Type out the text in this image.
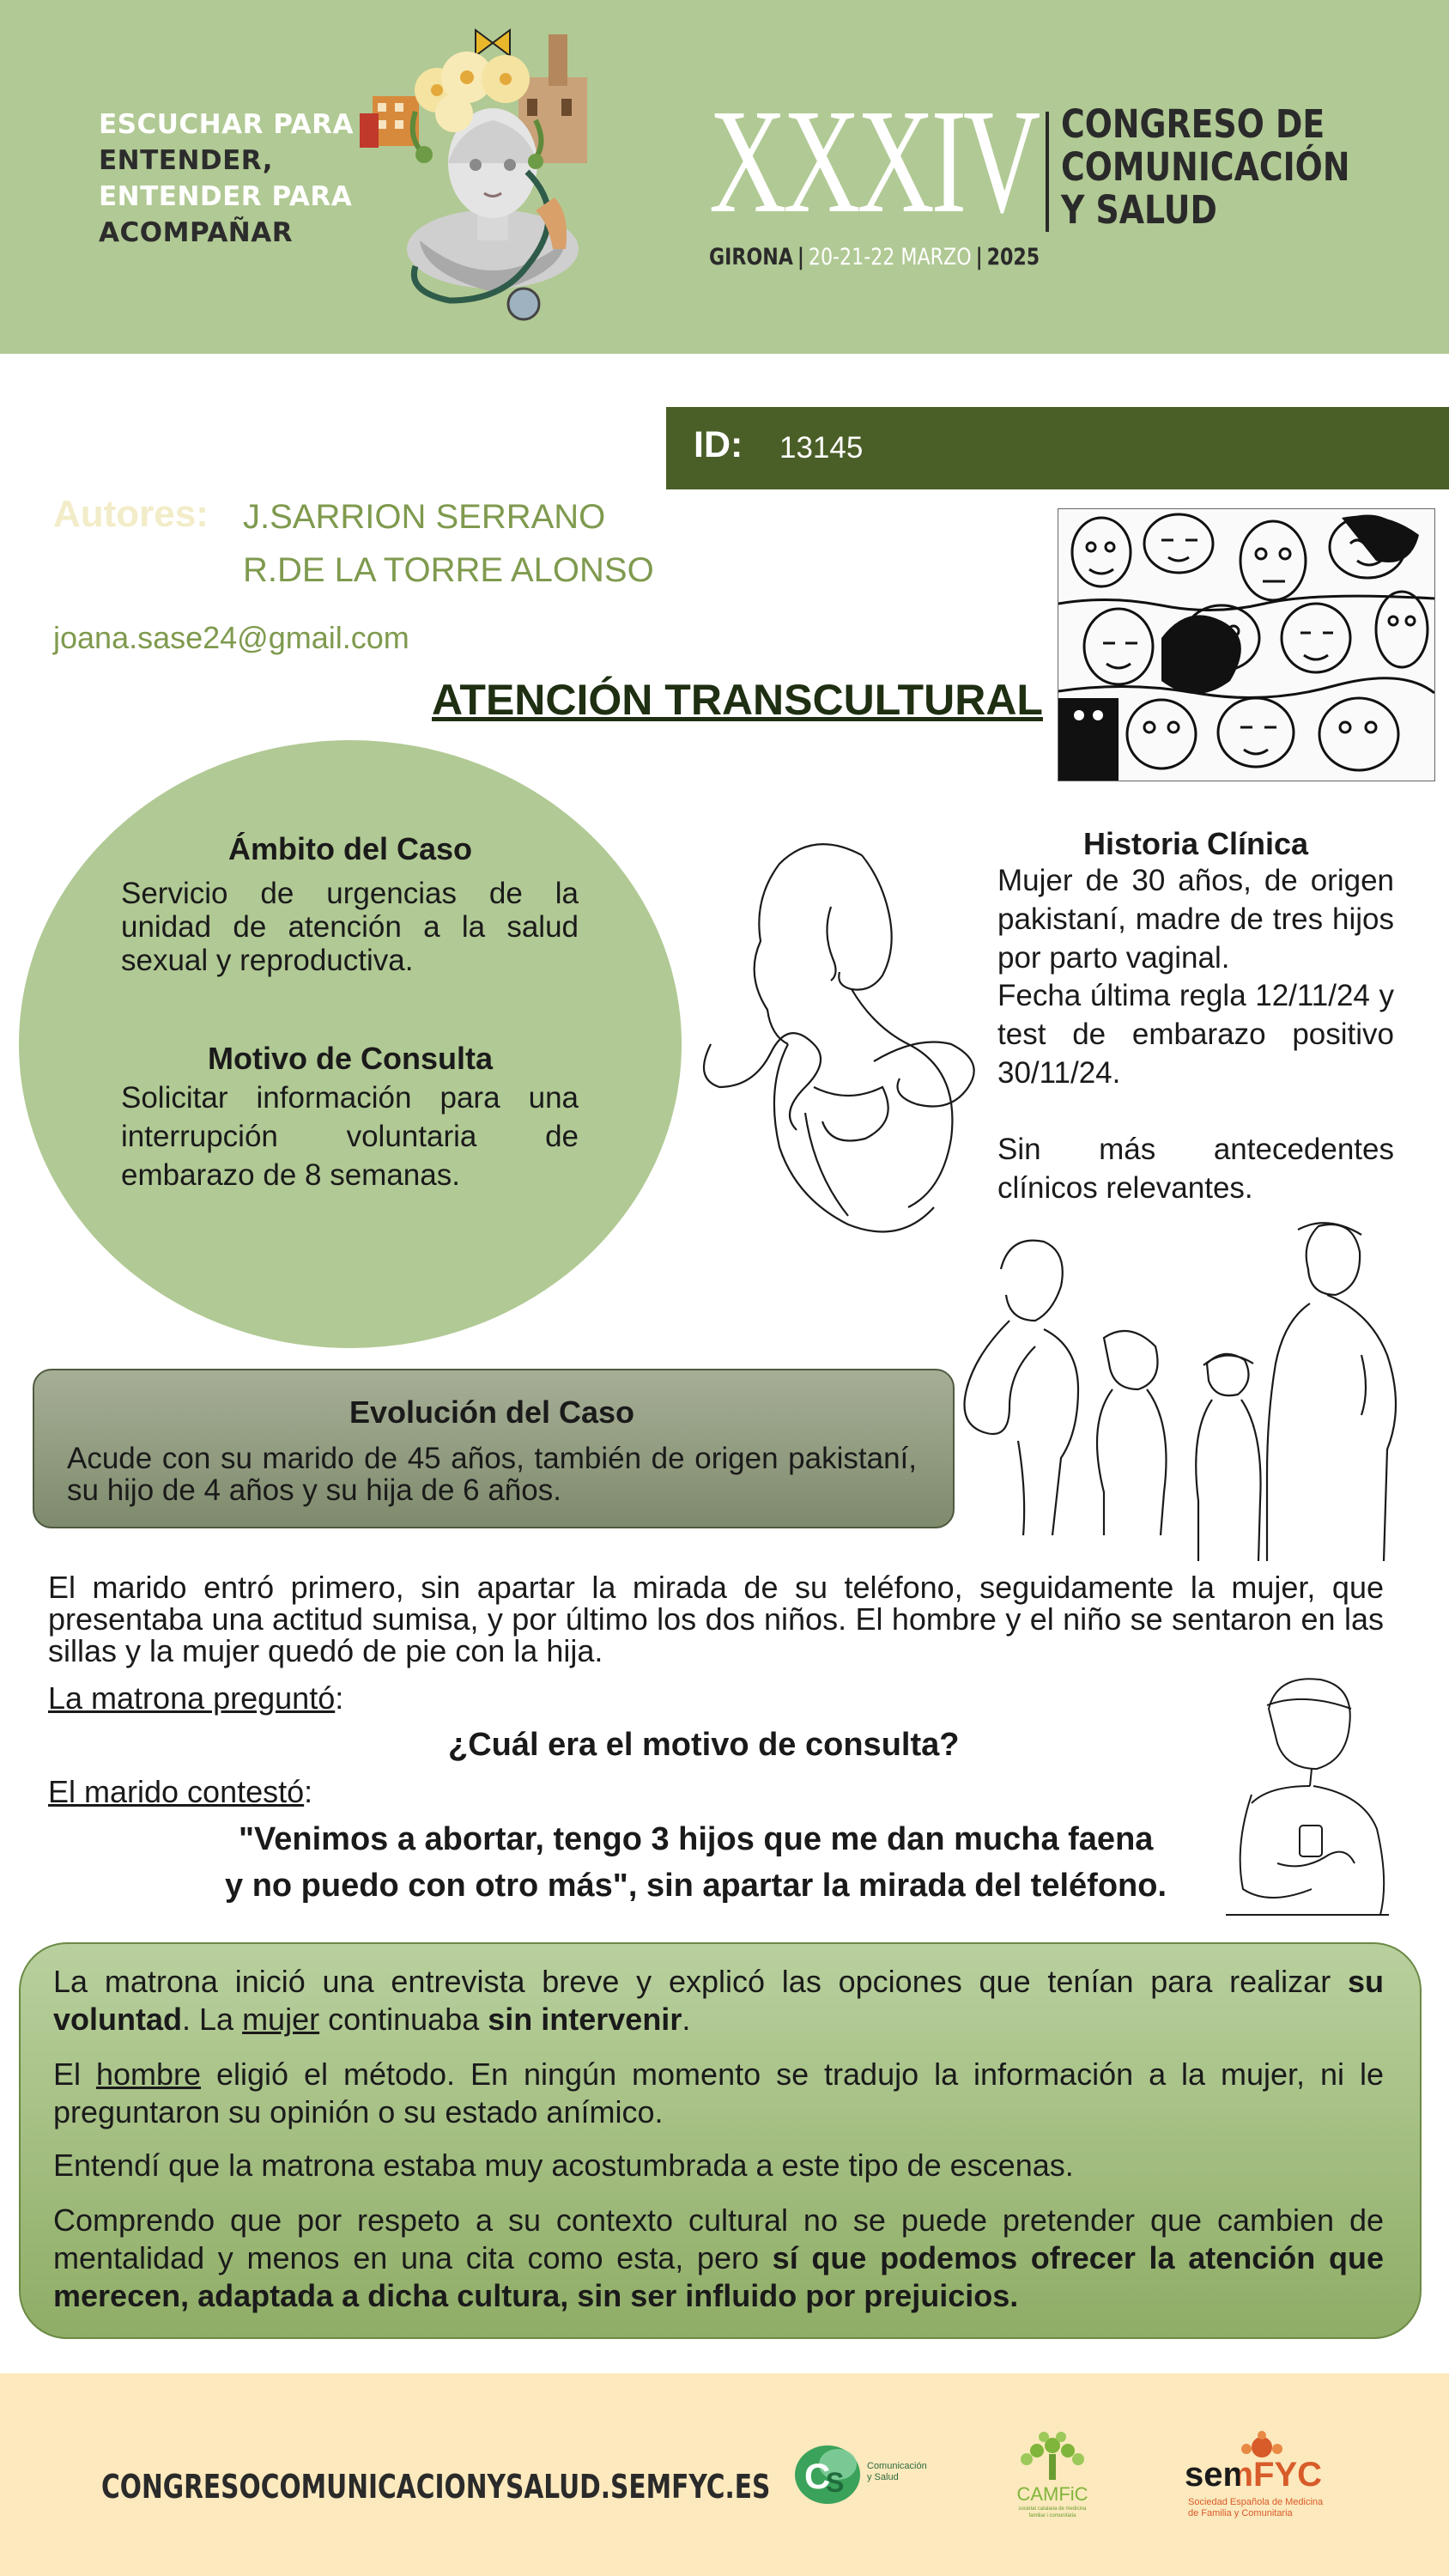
ESCUCHAR PARA
ENTENDER,
ENTENDER PARA
ACOMPAÑAR	XXXIV CONGRESO DE
COMUNICACIÓN
Y SALUD
GIRONA | 20-21-22 MARZO | 2025
ID: 13145
Autores: J.SARRION SERRANO
R.DE LA TORRE ALONSO
joana.sase24@gmail.com
ATENCIÓN TRANSCULTURAL
Ámbito del Caso
Servicio de urgencias de la unidad de atención a la salud sexual y reproductiva.
Motivo de Consulta
Solicitar información para una interrupción voluntaria de embarazo de 8 semanas.
Historia Clínica
Mujer de 30 años, de origen pakistaní, madre de tres hijos por parto vaginal.
Fecha última regla 12/11/24 y test de embarazo positivo 30/11/24.
Sin más antecedentes clínicos relevantes.
Evolución del Caso
Acude con su marido de 45 años, también de origen pakistaní, su hijo de 4 años y su hija de 6 años.
El marido entró primero, sin apartar la mirada de su teléfono, seguidamente la mujer, que presentaba una actitud sumisa, y por último los dos niños. El hombre y el niño se sentaron en las sillas y la mujer quedó de pie con la hija.
La matrona preguntó:
¿Cuál era el motivo de consulta?
El marido contestó:
"Venimos a abortar, tengo 3 hijos que me dan mucha faena
y no puedo con otro más", sin apartar la mirada del teléfono.
La matrona inició una entrevista breve y explicó las opciones que tenían para realizar su voluntad. La mujer continuaba sin intervenir.
El hombre eligió el método. En ningún momento se tradujo la información a la mujer, ni le preguntaron su opinión o su estado anímico.
Entendí que la matrona estaba muy acostumbrada a este tipo de escenas.
Comprendo que por respeto a su contexto cultural no se puede pretender que cambien de mentalidad y menos en una cita como esta, pero sí que podemos ofrecer la atención que merecen, adaptada a dicha cultura, sin ser influido por prejuicios.
CONGRESOCOMUNICACIONYSALUD.SEMFYC.ES C
S
Comunicación
y Salud
CAMFiC
societat catalana de medicina familiar i comunitària
semFYC
Sociedad Española de Medicina
de Familia y Comunitaria
